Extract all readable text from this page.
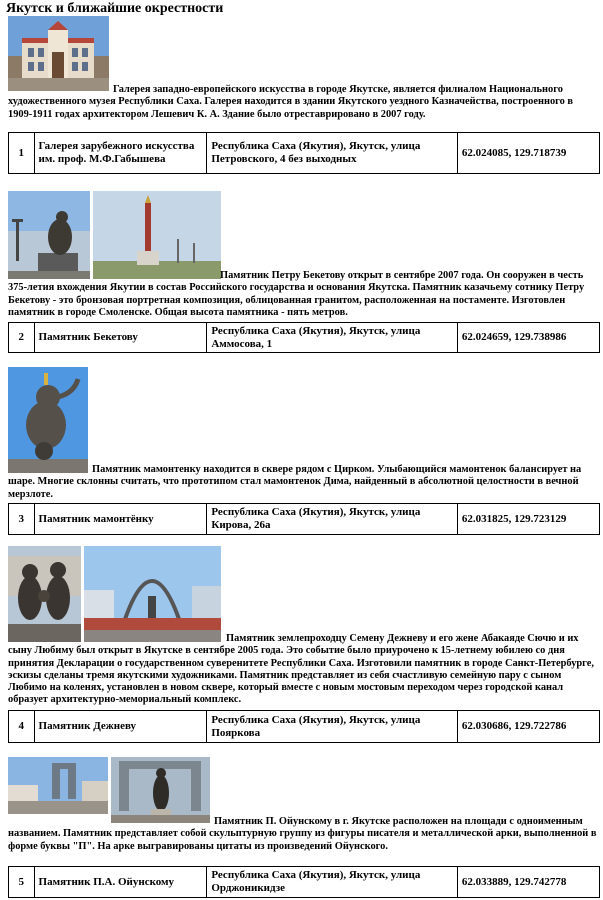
Якутск и ближайшие окрестности

Галерея западно-европейского искусства в городе Якутске, является филиалом Национального художественного музея Республики Саха. Галерея находится в здании Якутского уездного Казначейства, построенного в 1909-1911 годах архитектором Лешевич К. А. Здание было отреставрировано в 2007 году.

1	Галерея зарубежного искусства им. проф. М.Ф.Габышева	Республика Саха (Якутия), Якутск, улица Петровского, 4 без выходных	62.024085, 129.718739

Памятник Петру Бекетову открыт в сентябре 2007 года. Он сооружен в честь 375-летия вхождения Якутии в состав Российского государства и основания Якутска. Памятник казачьему сотнику Петру Бекетову - это бронзовая портретная композиция, облицованная гранитом, расположенная на постаменте. Изготовлен памятник в городе Смоленске. Общая высота памятника - пять метров.

2	Памятник Бекетову	Республика Саха (Якутия), Якутск, улица Аммосова, 1	62.024659, 129.738986

Памятник мамонтенку находится в сквере рядом с Цирком. Улыбающийся мамонтенок балансирует на шаре. Многие склонны считать, что прототипом стал мамонтенок Дима, найденный в абсолютной целостности в вечной мерзлоте.

3	Памятник мамонтёнку	Республика Саха (Якутия), Якутск, улица Кирова, 26а	62.031825, 129.723129

Памятник землепроходцу Семену Дежневу и его жене Абакаяде Сючю и их сыну Любиму был открыт в Якутске в сентябре 2005 года. Это событие было приурочено к 15-летнему юбилею со дня принятия Декларации о государственном суверенитете Республики Саха. Изготовили памятник в городе Санкт-Петербурге, эскизы сделаны тремя якутскими художниками. Памятник представляет из себя счастливую семейную пару с сыном Любимо на коленях, установлен в новом сквере, который вместе с новым мостовым переходом через городской канал образует архитектурно-мемориальный комплекс.

4	Памятник Дежневу	Республика Саха (Якутия), Якутск, улица Пояркова	62.030686, 129.722786

Памятник П. Ойунскому в г. Якутске расположен на площади с одноименным названием. Памятник представляет собой скульптурную группу из фигуры писателя и металлической арки, выполненной в форме буквы "П". На арке выгравированы цитаты из произведений Ойунского.

5	Памятник П.А. Ойунскому	Республика Саха (Якутия), Якутск, улица Орджоникидзе	62.033889, 129.742778
